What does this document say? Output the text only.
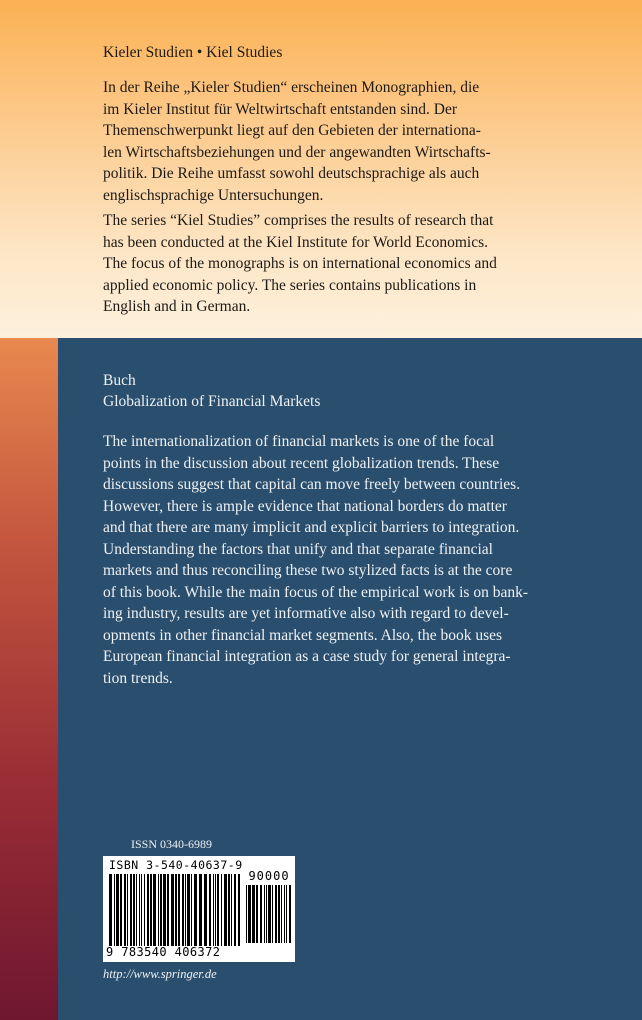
Kieler Studien • Kiel Studies

In der Reihe „Kieler Studien“ erscheinen Monographien, die

im Kieler Institut für Weltwirtschaft entstanden sind. Der

Themenschwerpunkt liegt auf den Gebieten der internationa-

len Wirtschaftsbeziehungen und der angewandten Wirtschafts-

politik. Die Reihe umfasst sowohl deutschsprachige als auch

englischsprachige Untersuchungen.

The series “Kiel Studies” comprises the results of research that

has been conducted at the Kiel Institute for World Economics.

The focus of the monographs is on international economics and

applied economic policy. The series contains publications in

English and in German.

Buch
Globalization of Financial Markets

The internationalization of financial markets is one of the focal

points in the discussion about recent globalization trends. These

discussions suggest that capital can move freely between countries.

However, there is ample evidence that national borders do matter

and that there are many implicit and explicit barriers to integration.

Understanding the factors that unify and that separate financial

markets and thus reconciling these two stylized facts is at the core

of this book. While the main focus of the empirical work is on bank-

ing industry, results are yet informative also with regard to devel-

opments in other financial market segments. Also, the book uses

European financial integration as a case study for general integra-

tion trends.

ISSN 0340-6989
ISBN 3-540-40637-9
90000
9 783540 406372
http://www.springer.de
